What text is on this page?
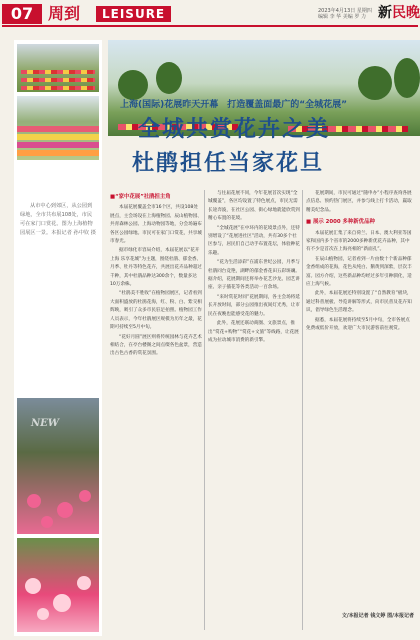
07 周到	LEISURE	2023年4月13日 星期四
编辑 李 华 美编 罗 力 新民晚
从市中心到郊区，从公园到绿地，全市共布展108处，市民可在家门口赏花。图为上海植物园展区一景。本报记者 孙中钦 摄
NEW
上海(国际)花展昨天开幕　打造覆盖面最广的“全城花展”
全城共赏花卉之美
杜鹃担任当家花旦

■“家中花展”社鹃担主角

本届花展覆盖全市16个区，共设108处展点，主会场设在上海植物园、辰山植物园、共青森林公园、上海动物园等地，分会场遍布各区公园绿地。市民可在家门口赏花，共享城市春光。

据市绿化市容局介绍，本届花展以“花开上海 乐享花城”为主题，围绕杜鹃、郁金香、月季、牡丹等特色花卉，共展出花卉品种超过千种，其中杜鹃品种达300余个，数量多达10万余株。

“杜鹃美不胜收”在植物园展区，记者看到大面积盛放的杜鹃花海，红、粉、白、紫交相辉映，吸引了众多市民驻足拍照。植物园工作人员表示，今年杜鹃展区规模为历年之最，花期可持续至5月中旬。

“花好月圆”展区则将传统园林与花卉艺术相结合，在亭台楼阁之间点缀各色盆景，营造出古色古香的赏花氛围。

与往届花展不同，今年花展首次实现“全城覆盖”，各区均设置了特色展点，市民无需长途奔波，在社区公园、街心绿地就能欣赏到精心布置的花境。

“全城花展”在中环内的花境景点外，还特别增设了“花展进社区”活动，共有30多个社区参与，居民们自己动手布置花坛，体验种花乐趣。

“花为生活添彩”在浦东世纪公园，月季与杜鹃同台竞艳，湖畔的郁金香花田五彩斑斓。据介绍，花展期间还将举办花艺沙龙、园艺讲座、亲子插花等各类活动一百余场。

“来时赏花时同”花展期间，各主会场将延长开放时间，部分公园推出夜间灯光秀，让市民在夜晚也能感受花的魅力。

此外，花展还联动商圈、文旅景点，推出“赏花+购物”“赏花+文旅”等线路，让花展成为拉动城市消费的新引擎。

花展期间，市民可通过“随申办”小程序查询各展点信息、预约热门展区，并参与线上打卡活动，赢取精美纪念品。

■ 展示 2000 多种新优品种

本届花展汇集了来自荷兰、日本、澳大利亚等国家和国内多个省市的2000多种新优花卉品种，其中有不少是首次在上海亮相的“新面孔”。

在辰山植物园，记者看到一片由数十个新品种郁金香组成的花海，花色从纯白、鹅黄到深紫，层次丰富。园方介绍，这些新品种均经过多年引种驯化，适应上海气候。

此外，本届花展还特别设置了“自然教育”板块，通过科普展板、导览讲解等形式，向市民普及花卉知识，倡导绿色生活理念。

据悉，本届花展将持续至5月中旬，全市各展点免费或低价开放，欢迎广大市民游客前往观赏。

文/本报记者 钱文婷 图/本报记者
